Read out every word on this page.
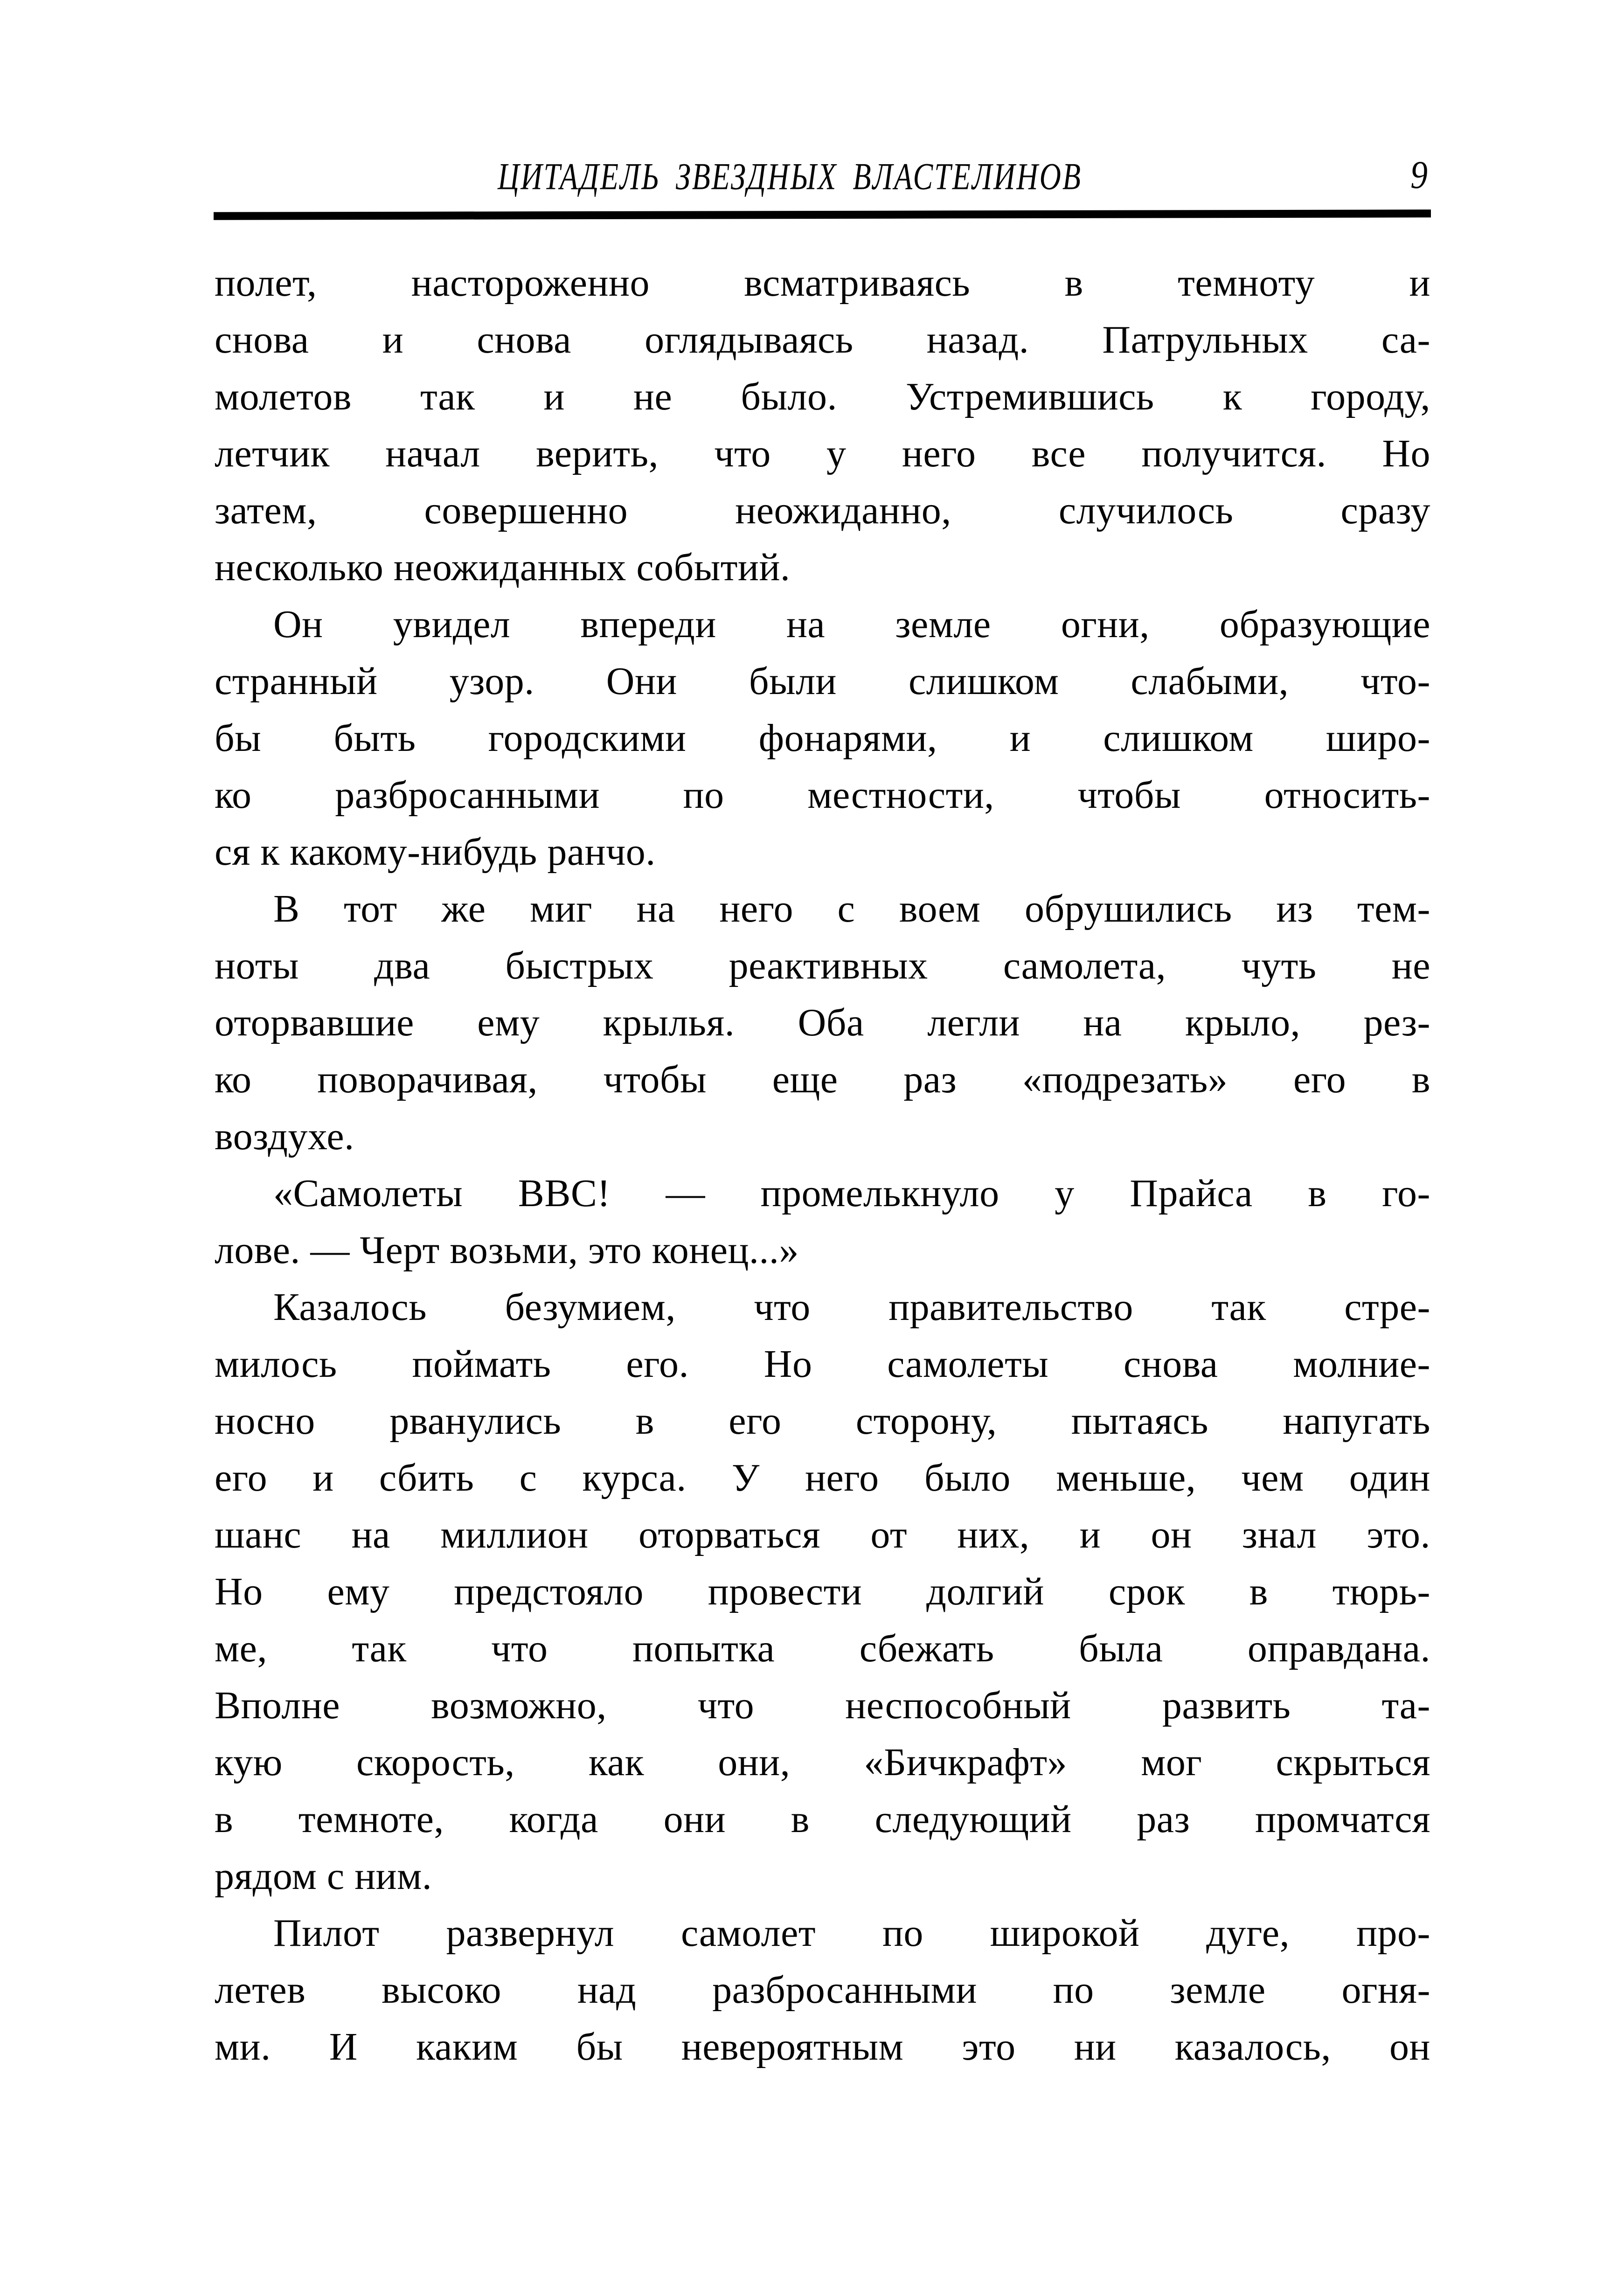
ЦИТАДЕЛЬ ЗВЕЗДНЫХ ВЛАСТЕЛИНОВ	9
полет, настороженно всматриваясь в темноту и
снова и снова оглядываясь назад. Патрульных са-
молетов так и не было. Устремившись к городу,
летчик начал верить, что у него все получится. Но
затем, совершенно неожиданно, случилось сразу
несколько неожиданных событий.
Он увидел впереди на земле огни, образующие
странный узор. Они были слишком слабыми, что-
бы быть городскими фонарями, и слишком широ-
ко разбросанными по местности, чтобы относить-
ся к какому-нибудь ранчо.
В тот же миг на него с воем обрушились из тем-
ноты два быстрых реактивных самолета, чуть не
оторвавшие ему крылья. Оба легли на крыло, рез-
ко поворачивая, чтобы еще раз «подрезать» его в
воздухе.
«Самолеты ВВС! — промелькнуло у Прайса в го-
лове. — Черт возьми, это конец...»
Казалось безумием, что правительство так стре-
милось поймать его. Но самолеты снова молние-
носно рванулись в его сторону, пытаясь напугать
его и сбить с курса. У него было меньше, чем один
шанс на миллион оторваться от них, и он знал это.
Но ему предстояло провести долгий срок в тюрь-
ме, так что попытка сбежать была оправдана.
Вполне возможно, что неспособный развить та-
кую скорость, как они, «Бичкрафт» мог скрыться
в темноте, когда они в следующий раз промчатся
рядом с ним.
Пилот развернул самолет по широкой дуге, про-
летев высоко над разбросанными по земле огня-
ми. И каким бы невероятным это ни казалось, он
